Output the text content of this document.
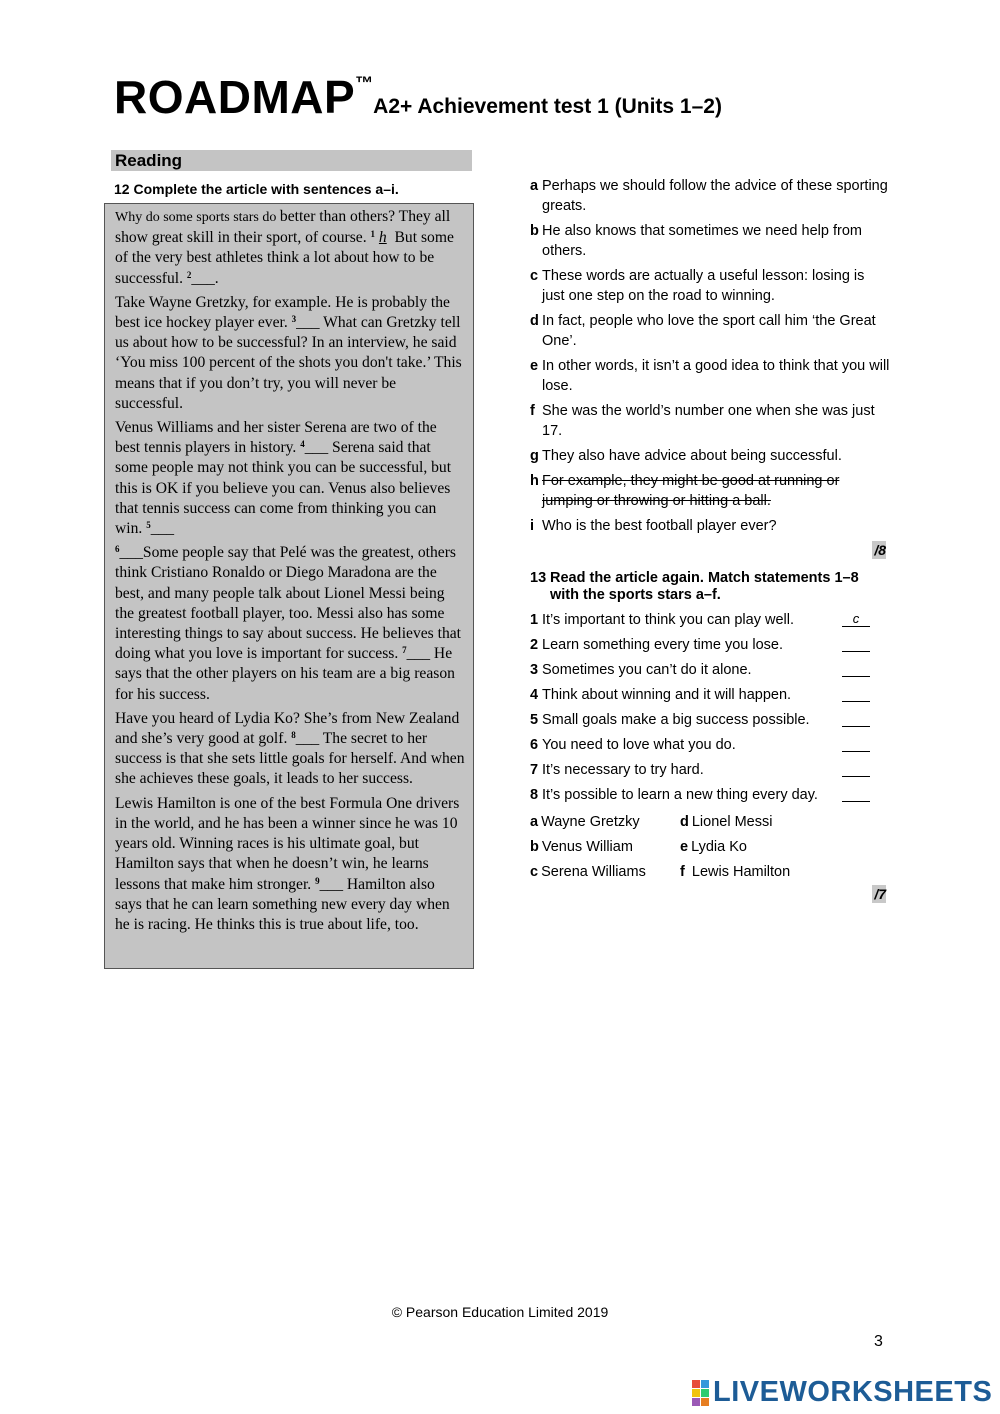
ROADMAP™A2+ Achievement test 1 (Units 1–2)
Reading
12 Complete the article with sentences a–i.

Why do some sports stars do better than others? They all show great skill in their sport, of course. $^1$ h  But some of the very best athletes think a lot about how to be successful. $^2$___.

Take Wayne Gretzky, for example. He is probably the best ice hockey player ever. $^3$___ What can Gretzky tell us about how to be successful? In an interview, he said ‘You miss 100 percent of the shots you don't take.’ This means that if you don’t try, you will never be successful.

Venus Williams and her sister Serena are two of the best tennis players in history. $^4$___ Serena said that some people may not think you can be successful, but this is OK if you believe you can. Venus also believes that tennis success can come from thinking you can win. $^5$___

$^6$___Some people say that Pelé was the greatest, others think Cristiano Ronaldo or Diego Maradona are the best, and many people talk about Lionel Messi being the greatest football player, too. Messi also has some interesting things to say about success. He believes that doing what you love is important for success. $^7$___ He says that the other players on his team are a big reason for his success.

Have you heard of Lydia Ko? She’s from New Zealand and she’s very good at golf. $^8$___ The secret to her success is that she sets little goals for herself. And when she achieves these goals, it leads to her success.

Lewis Hamilton is one of the best Formula One drivers in the world, and he has been a winner since he was 10 years old. Winning races is his ultimate goal, but Hamilton says that when he doesn’t win, he learns lessons that make him stronger. $^9$___ Hamilton also says that he can learn something new every day when he is racing. He thinks this is true about life, too.

a Perhaps we should follow the advice of these sporting greats.
b He also knows that sometimes we need help from others.
c These words are actually a useful lesson: losing is just one step on the road to winning.
d In fact, people who love the sport call him ‘the Great One’.
e In other words, it isn’t a good idea to think that you will lose.
f She was the world’s number one when she was just 17.
g They also have advice about being successful.
h For example, they might be good at running or jumping or throwing or hitting a ball.
i Who is the best football player ever?
/8
13 Read the article again. Match statements 1–8
with the sports stars a–f.
1 It’s important to think you can play well.	c
2 Learn something every time you lose.
3 Sometimes you can’t do it alone.
4 Think about winning and it will happen.
5 Small goals make a big success possible.
6 You need to love what you do.
7 It’s necessary to try hard.
8 It’s possible to learn a new thing every day.
a Wayne Gretzky	d Lionel Messi
b Venus William	e Lydia Ko
c Serena Williams	f Lewis Hamilton
/7
© Pearson Education Limited 2019
3
LIVEWORKSHEETS
